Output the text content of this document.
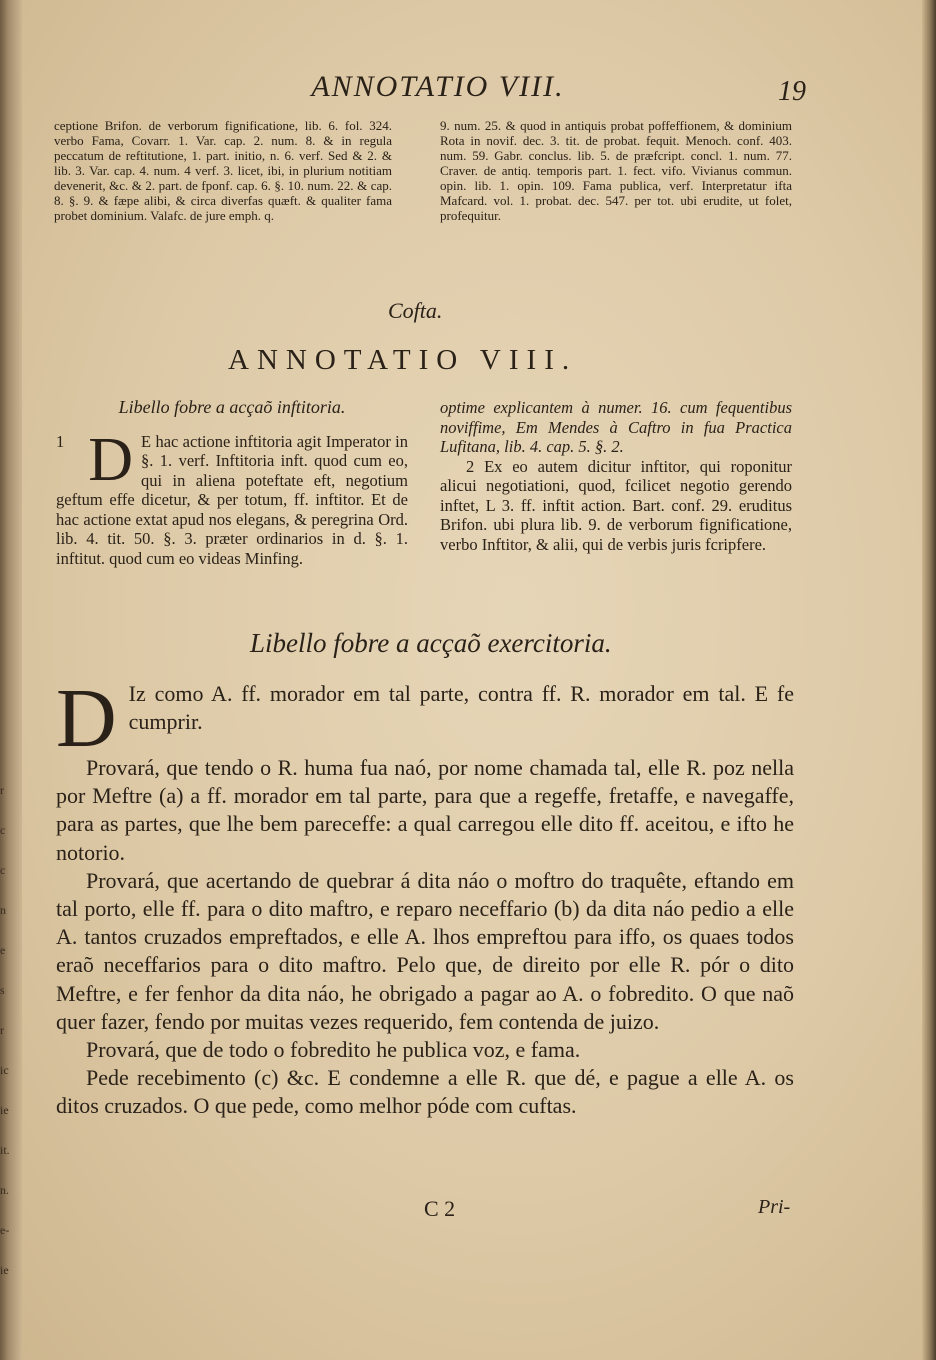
r
c
c
n
e
s
r
ic
ie
it.
n.
e-
ie
ANNOTATIO VIII.	19
ceptione Brifon. de verborum fignificatione, lib. 6. fol. 324. verbo Fama, Covarr. 1. Var. cap. 2. num. 8. & in regula peccatum de reftitutione, 1. part. initio, n. 6. verf. Sed & 2. & lib. 3. Var. cap. 4. num. 4 verf. 3. licet, ibi, in plurium notitiam devenerit, &c. & 2. part. de fponf. cap. 6. §. 10. num. 22. & cap. 8. §. 9. & fæpe alibi, & circa diverfas quæft. & qualiter fama probet dominium. Valafc. de jure emph. q.
9. num. 25. & quod in antiquis probat poffeffionem, & dominium Rota in novif. dec. 3. tit. de probat. fequit. Menoch. conf. 403. num. 59. Gabr. conclus. lib. 5. de præfcript. concl. 1. num. 77. Craver. de antiq. temporis part. 1. fect. vifo. Vivianus commun. opin. lib. 1. opin. 109. Fama publica, verf. Interpretatur ifta Mafcard. vol. 1. probat. dec. 547. per tot. ubi erudite, ut folet, profequitur.
Cofta.
ANNOTATIO VIII.

Libello fobre a acçaõ inftitoria.

1 D E hac actione inftitoria agit Imperator in §. 1. verf. Inftitoria inft. quod cum eo, qui in aliena poteftate eft, negotium geftum effe dicetur, & per totum, ff. inftitor. Et de hac actione extat apud nos elegans, & peregrina Ord. lib. 4. tit. 50. §. 3. præter ordinarios in d. §. 1. inftitut. quod cum eo videas Minfing.

optime explicantem à numer. 16. cum fequentibus noviffime, Em Mendes à Caftro in fua Practica Lufitana, lib. 4. cap. 5. §. 2.

2 Ex eo autem dicitur inftitor, qui roponitur alicui negotiationi, quod, fcilicet negotio gerendo inftet, L 3. ff. inftit action. Bart. conf. 29. eruditus Brifon. ubi plura lib. 9. de verborum fignificatione, verbo Inftitor, & alii, qui de verbis juris fcripfere.

Libello fobre a acçaõ exercitoria.

D Iz como A. ff. morador em tal parte, contra ff. R. morador em tal. E fe cumprir.

Provará, que tendo o R. huma fua naó, por nome chamada tal, elle R. poz nella por Meftre (a) a ff. morador em tal parte, para que a regeffe, fretaffe, e navegaffe, para as partes, que lhe bem pareceffe: a qual carregou elle dito ff. aceitou, e ifto he notorio.

Provará, que acertando de quebrar á dita náo o moftro do traquête, eftando em tal porto, elle ff. para o dito maftro, e reparo neceffario (b) da dita náo pedio a elle A. tantos cruzados empreftados, e elle A. lhos empreftou para iffo, os quaes todos eraõ neceffarios para o dito maftro. Pelo que, de direito por elle R. pór o dito Meftre, e fer fenhor da dita náo, he obrigado a pagar ao A. o fobredito. O que naõ quer fazer, fendo por muitas vezes requerido, fem contenda de juizo.

Provará, que de todo o fobredito he publica voz, e fama.

Pede recebimento (c) &c. E condemne a elle R. que dé, e pague a elle A. os ditos cruzados. O que pede, como melhor póde com cuftas.

C 2	Pri-
